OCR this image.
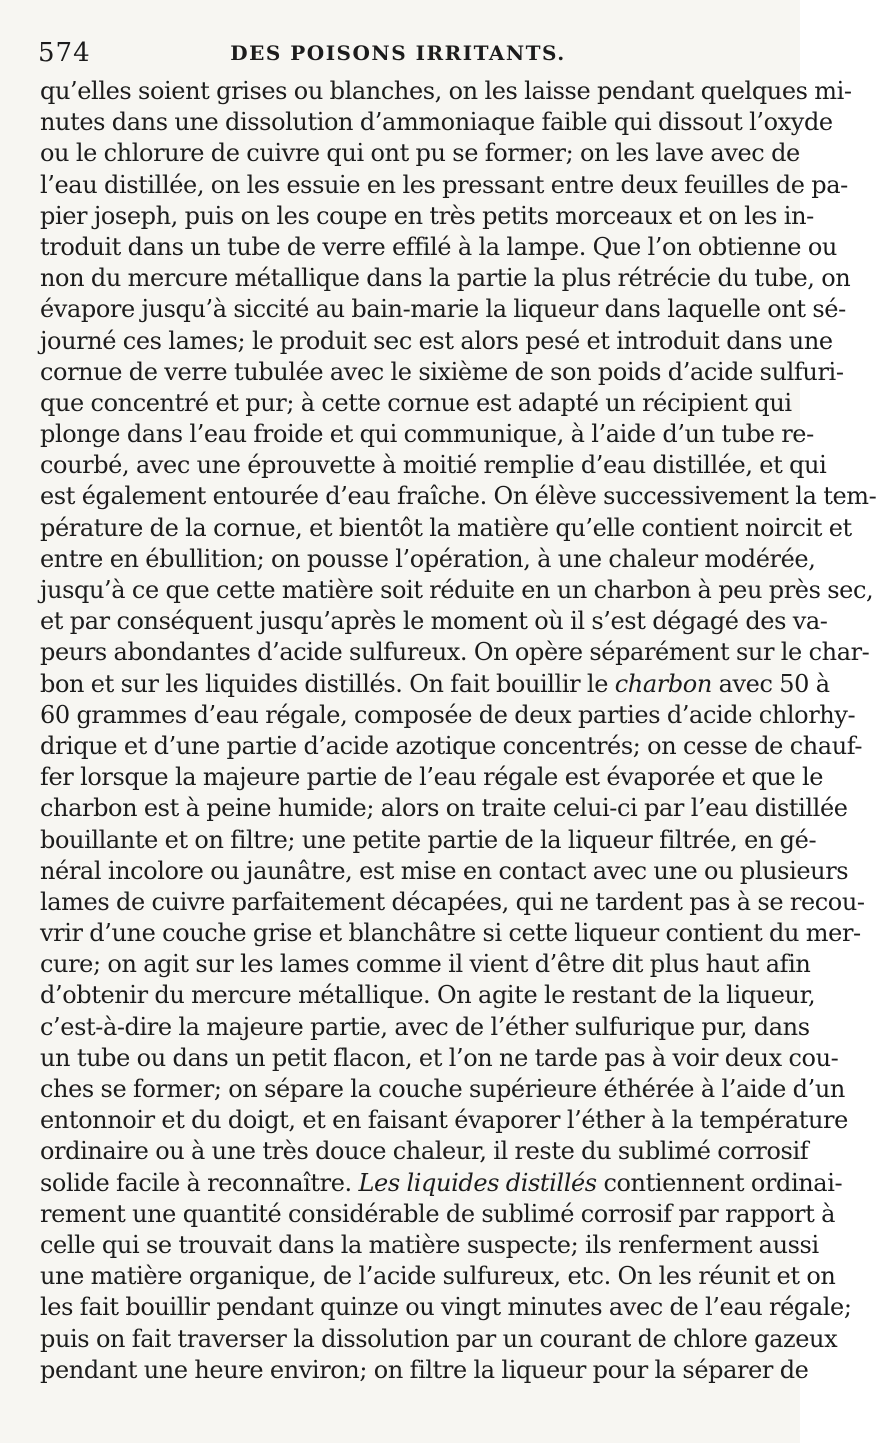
574	DES POISONS IRRITANTS.
qu’elles soient grises ou blanches, on les laisse pendant quelques mi-
nutes dans une dissolution d’ammoniaque faible qui dissout l’oxyde
ou le chlorure de cuivre qui ont pu se former; on les lave avec de
l’eau distillée, on les essuie en les pressant entre deux feuilles de pa-
pier joseph, puis on les coupe en très petits morceaux et on les in-
troduit dans un tube de verre effilé à la lampe. Que l’on obtienne ou
non du mercure métallique dans la partie la plus rétrécie du tube, on
évapore jusqu’à siccité au bain-marie la liqueur dans laquelle ont sé-
journé ces lames; le produit sec est alors pesé et introduit dans une
cornue de verre tubulée avec le sixième de son poids d’acide sulfuri-
que concentré et pur; à cette cornue est adapté un récipient qui
plonge dans l’eau froide et qui communique, à l’aide d’un tube re-
courbé, avec une éprouvette à moitié remplie d’eau distillée, et qui
est également entourée d’eau fraîche. On élève successivement la tem-
pérature de la cornue, et bientôt la matière qu’elle contient noircit et
entre en ébullition; on pousse l’opération, à une chaleur modérée,
jusqu’à ce que cette matière soit réduite en un charbon à peu près sec,
et par conséquent jusqu’après le moment où il s’est dégagé des va-
peurs abondantes d’acide sulfureux. On opère séparément sur le char-
bon et sur les liquides distillés. On fait bouillir le charbon avec 50 à
60 grammes d’eau régale, composée de deux parties d’acide chlorhy-
drique et d’une partie d’acide azotique concentrés; on cesse de chauf-
fer lorsque la majeure partie de l’eau régale est évaporée et que le
charbon est à peine humide; alors on traite celui-ci par l’eau distillée
bouillante et on filtre; une petite partie de la liqueur filtrée, en gé-
néral incolore ou jaunâtre, est mise en contact avec une ou plusieurs
lames de cuivre parfaitement décapées, qui ne tardent pas à se recou-
vrir d’une couche grise et blanchâtre si cette liqueur contient du mer-
cure; on agit sur les lames comme il vient d’être dit plus haut afin
d’obtenir du mercure métallique. On agite le restant de la liqueur,
c’est-à-dire la majeure partie, avec de l’éther sulfurique pur, dans
un tube ou dans un petit flacon, et l’on ne tarde pas à voir deux cou-
ches se former; on sépare la couche supérieure éthérée à l’aide d’un
entonnoir et du doigt, et en faisant évaporer l’éther à la température
ordinaire ou à une très douce chaleur, il reste du sublimé corrosif
solide facile à reconnaître. Les liquides distillés contiennent ordinai-
rement une quantité considérable de sublimé corrosif par rapport à
celle qui se trouvait dans la matière suspecte; ils renferment aussi
une matière organique, de l’acide sulfureux, etc. On les réunit et on
les fait bouillir pendant quinze ou vingt minutes avec de l’eau régale;
puis on fait traverser la dissolution par un courant de chlore gazeux
pendant une heure environ; on filtre la liqueur pour la séparer de
